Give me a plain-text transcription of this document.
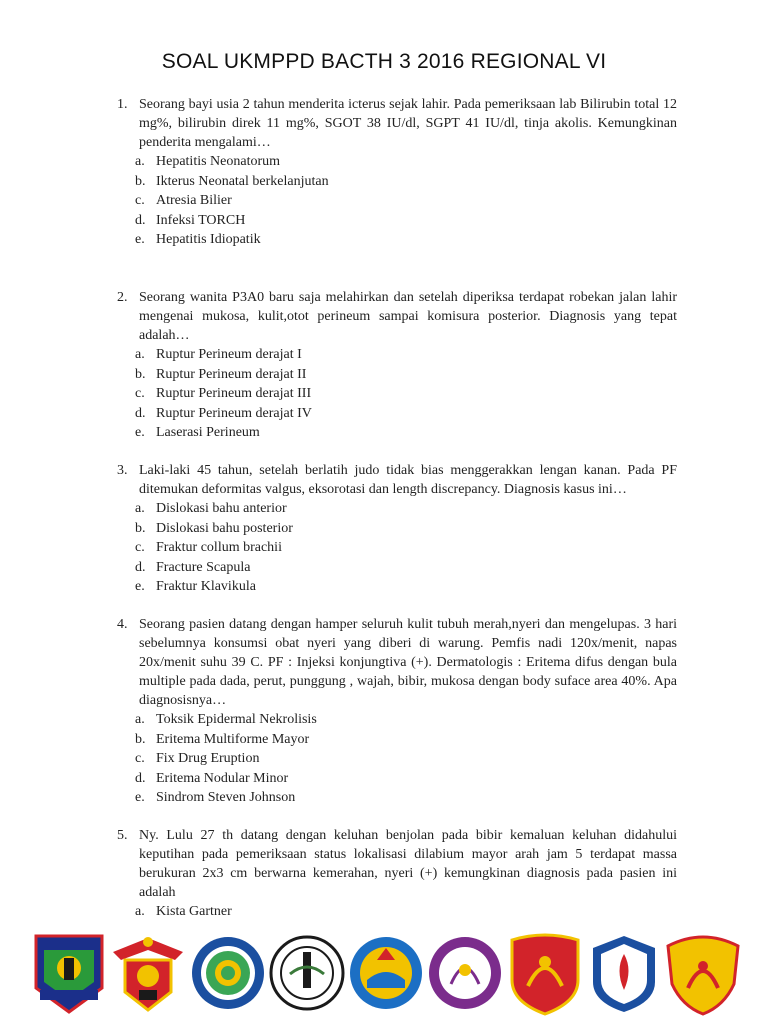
SOAL UKMPPD BACTH 3 2016 REGIONAL VI
1. Seorang bayi usia 2 tahun menderita icterus sejak lahir. Pada pemeriksaan lab Bilirubin total 12 mg%, bilirubin direk 11 mg%, SGOT 38 IU/dl, SGPT 41 IU/dl, tinja akolis. Kemungkinan penderita mengalami…
a. Hepatitis Neonatorum
b. Ikterus Neonatal berkelanjutan
c. Atresia Bilier
d. Infeksi TORCH
e. Hepatitis Idiopatik
2. Seorang wanita P3A0 baru saja melahirkan dan setelah diperiksa terdapat robekan jalan lahir mengenai mukosa, kulit,otot perineum sampai komisura posterior. Diagnosis yang tepat adalah…
a. Ruptur Perineum derajat I
b. Ruptur Perineum derajat II
c. Ruptur Perineum derajat III
d. Ruptur Perineum derajat IV
e. Laserasi Perineum
3. Laki-laki 45 tahun, setelah berlatih judo tidak bias menggerakkan lengan kanan. Pada PF ditemukan deformitas valgus, eksorotasi dan length discrepancy. Diagnosis kasus ini…
a. Dislokasi bahu anterior
b. Dislokasi bahu posterior
c. Fraktur collum brachii
d. Fracture Scapula
e. Fraktur Klavikula
4. Seorang pasien datang dengan hamper seluruh kulit tubuh merah,nyeri dan mengelupas. 3 hari sebelumnya konsumsi obat nyeri yang diberi di warung. Pemfis nadi 120x/menit, napas 20x/menit suhu 39 C. PF : Injeksi konjungtiva (+). Dermatologis : Eritema difus dengan bula multiple pada dada, perut, punggung , wajah, bibir, mukosa dengan body suface area 40%. Apa diagnosisnya…
a. Toksik Epidermal Nekrolisis
b. Eritema Multiforme Mayor
c. Fix Drug Eruption
d. Eritema Nodular Minor
e. Sindrom Steven Johnson
5. Ny. Lulu 27 th datang dengan keluhan benjolan pada bibir kemaluan keluhan didahului keputihan pada pemeriksaan status lokalisasi dilabium mayor arah jam 5 terdapat massa berukuran 2x3 cm berwarna kemerahan, nyeri (+) kemungkinan diagnosis pada pasien ini adalah
a. Kista Gartner
